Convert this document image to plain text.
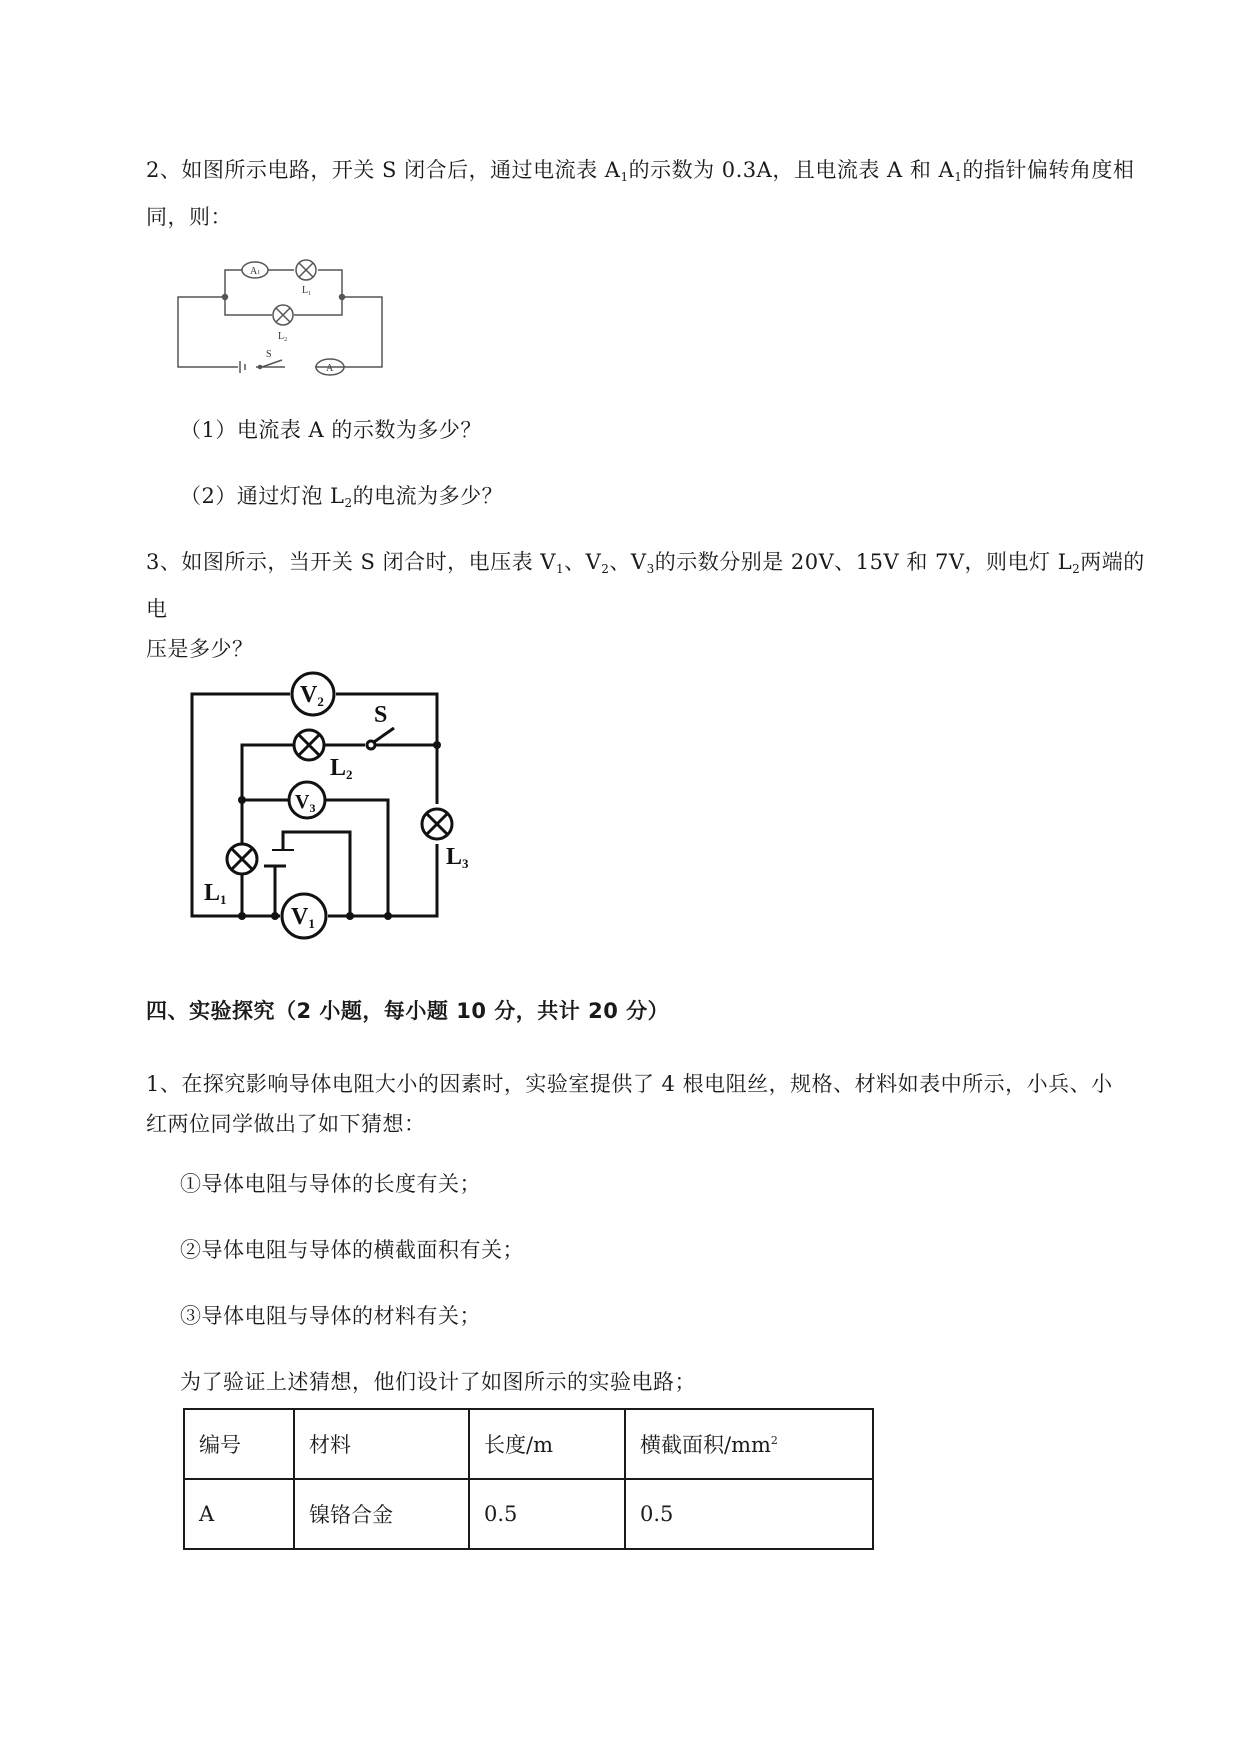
2、如图所示电路，开关 S 闭合后，通过电流表 $A_1$的示数为 0.3A，且电流表 A 和 $A_1$的指针偏转角度相
同，则：
A1
$L_1$
$L_2$
S
A
（1）电流表 A 的示数为多少？
（2）通过灯泡 $L_2$的电流为多少？
3、如图所示，当开关 S 闭合时，电压表 $V_1$、$V_2$、$V_3$的示数分别是 20V、15V 和 7V，则电灯 $L_2$两端的电
压是多少？
V2
S
L2
$V_3$
L1
L3
V1
四、实验探究（2 小题，每小题 10 分，共计 20 分）
1、在探究影响导体电阻大小的因素时，实验室提供了 4 根电阻丝，规格、材料如表中所示，小兵、小
红两位同学做出了如下猜想：
①导体电阻与导体的长度有关；
②导体电阻与导体的横截面积有关；
③导体电阻与导体的材料有关；
为了验证上述猜想，他们设计了如图所示的实验电路；
编号	材料	长度/m	横截面积$/mm^2$
A	镍铬合金	0.5	0.5
